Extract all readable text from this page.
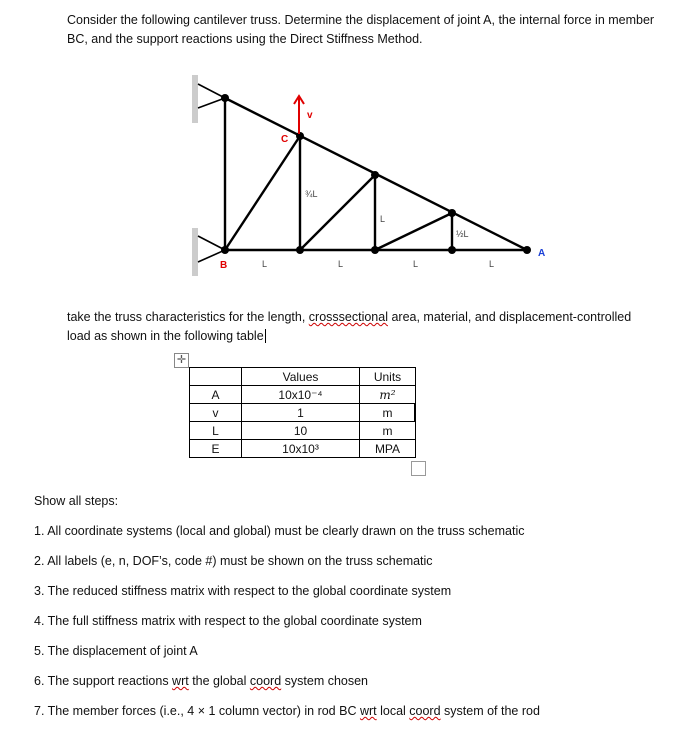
Consider the following cantilever truss. Determine the displacement of joint A, the internal force in member BC, and the support reactions using the Direct Stiffness Method.
v
C
B
A
¾L
L
½L
L	L	L	L
take the truss characteristics for the length, crosssectional area, material, and displacement-controlled load as shown in the following table
✛
	Values	Units
A	10x10⁻⁴	m²
v	1	m
L	10	m
E	10x10³	MPA
Show all steps:
1. All coordinate systems (local and global) must be clearly drawn on the truss schematic
2. All labels (e, n, DOF’s, code #) must be shown on the truss schematic
3. The reduced stiffness matrix with respect to the global coordinate system
4. The full stiffness matrix with respect to the global coordinate system
5. The displacement of joint A
6. The support reactions wrt the global coord system chosen
7. The member forces (i.e., 4 × 1 column vector) in rod BC wrt local coord system of the rod
